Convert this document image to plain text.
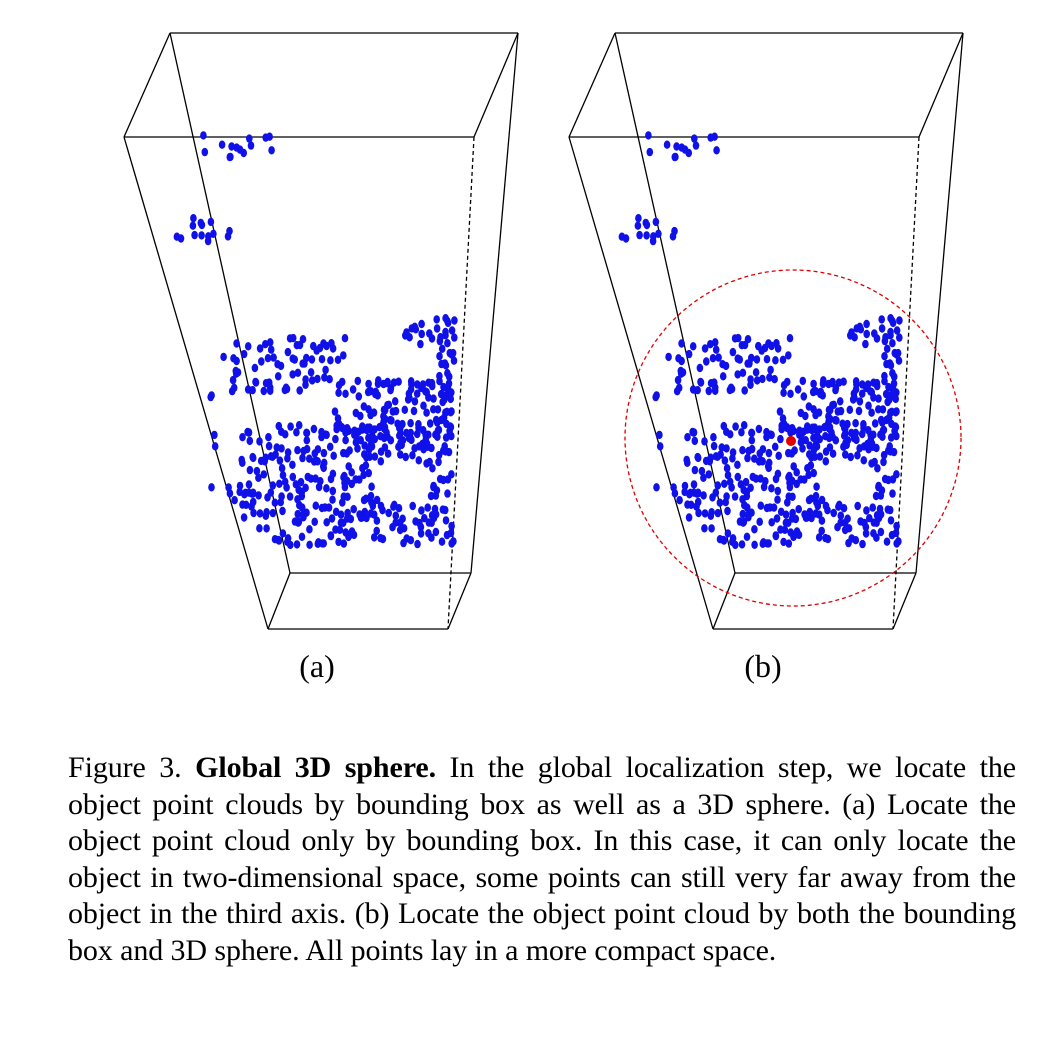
(a)	(b)
Figure 3. Global 3D sphere. In the global localization step, we locate the object point clouds by bounding box as well as a 3D sphere. (a) Locate the object point cloud only by bounding box. In this case, it can only locate the object in two-dimensional space, some points can still very far away from the object in the third axis. (b) Locate the object point cloud by both the bounding box and 3D sphere. All points lay in a more compact space.
